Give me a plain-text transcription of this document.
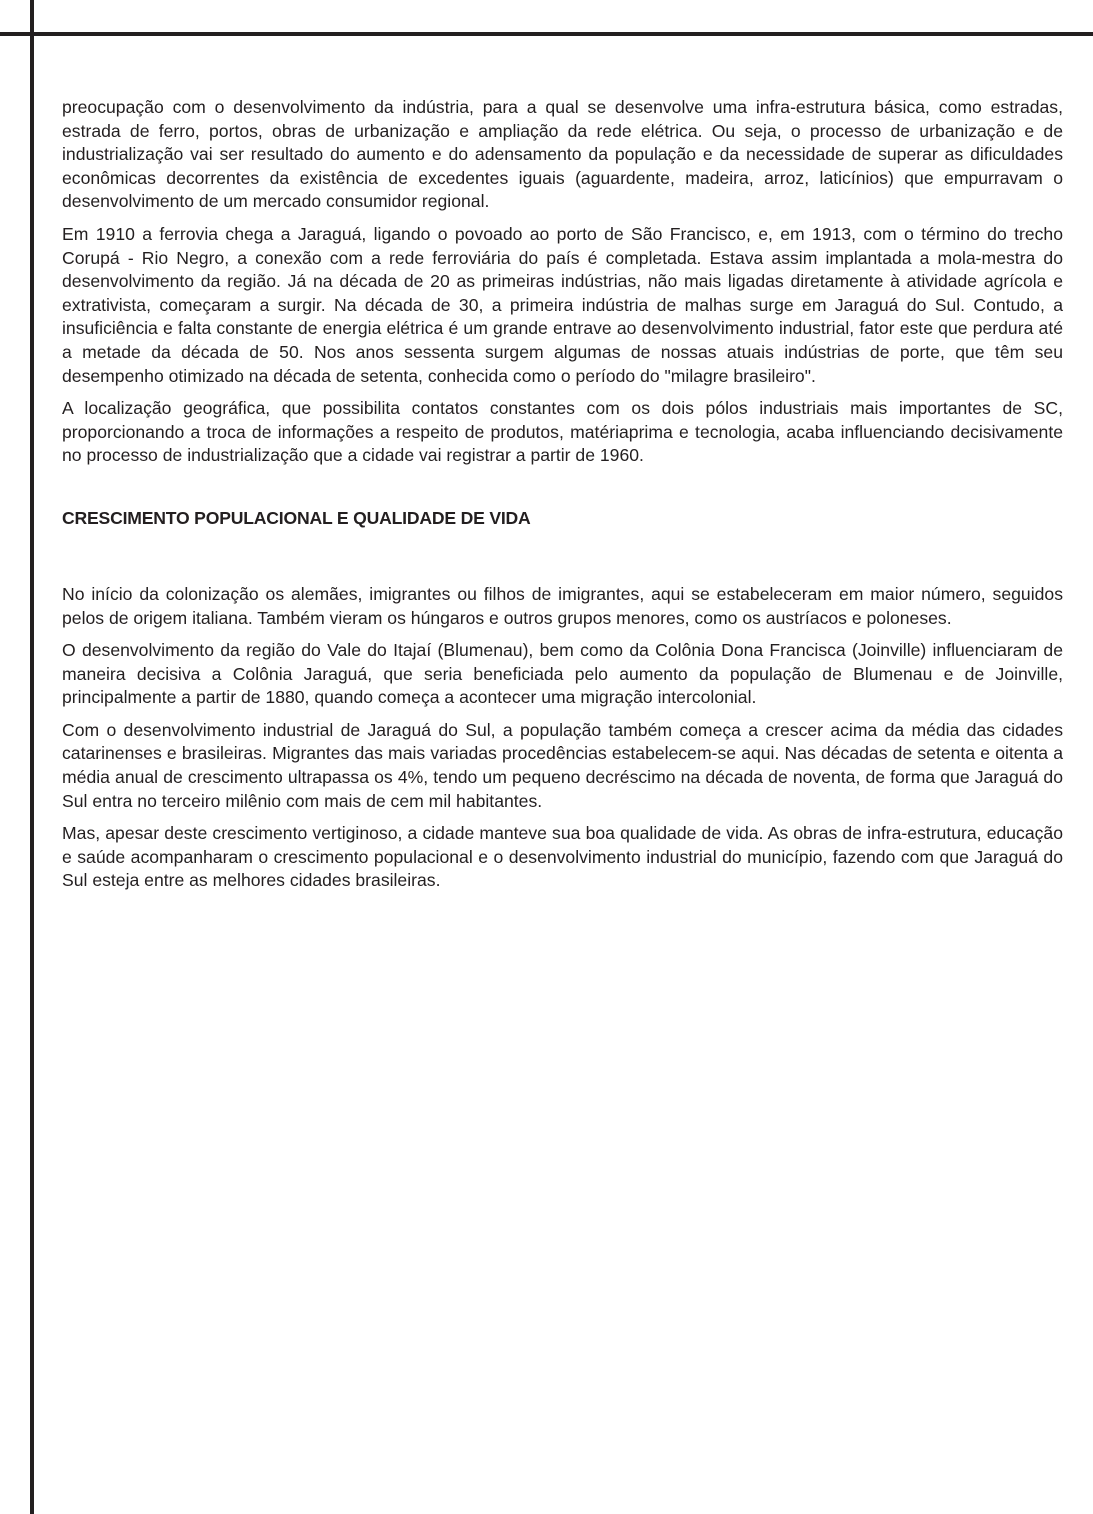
preocupação com o desenvolvimento da indústria, para a qual se desenvolve uma infra-estrutura básica, como estradas, estrada de ferro, portos, obras de urbanização e ampliação da rede elétrica. Ou seja, o processo de urbanização e de industrialização vai ser resultado do aumento e do adensamento da população e da necessidade de superar as dificuldades econômicas decorrentes da existência de excedentes iguais (aguardente, madeira, arroz, laticínios) que empurravam o desenvolvimento de um mercado consumidor regional.

Em 1910 a ferrovia chega a Jaraguá, ligando o povoado ao porto de São Francisco, e, em 1913, com o término do trecho Corupá - Rio Negro, a conexão com a rede ferroviária do país é completada. Estava assim implantada a mola-mestra do desenvolvimento da região. Já na década de 20 as primeiras indústrias, não mais ligadas diretamente à atividade agrícola e extrativista, começaram a surgir. Na década de 30, a primeira indústria de malhas surge em Jaraguá do Sul. Contudo, a insuficiência e falta constante de energia elétrica é um grande entrave ao desenvolvimento industrial, fator este que perdura até a metade da década de 50. Nos anos sessenta surgem algumas de nossas atuais indústrias de porte, que têm seu desempenho otimizado na década de setenta, conhecida como o período do "milagre brasileiro".

A localização geográfica, que possibilita contatos constantes com os dois pólos industriais mais importantes de SC, proporcionando a troca de informações a respeito de produtos, matériaprima e tecnologia, acaba influenciando decisivamente no processo de industrialização que a cidade vai registrar a partir de 1960.

CRESCIMENTO POPULACIONAL E QUALIDADE DE VIDA

No início da colonização os alemães, imigrantes ou filhos de imigrantes, aqui se estabeleceram em maior número, seguidos pelos de origem italiana. Também vieram os húngaros e outros grupos menores, como os austríacos e poloneses.

O desenvolvimento da região do Vale do Itajaí (Blumenau), bem como da Colônia Dona Francisca (Joinville) influenciaram de maneira decisiva a Colônia Jaraguá, que seria beneficiada pelo aumento da população de Blumenau e de Joinville, principalmente a partir de 1880, quando começa a acontecer uma migração intercolonial.

Com o desenvolvimento industrial de Jaraguá do Sul, a população também começa a crescer acima da média das cidades catarinenses e brasileiras. Migrantes das mais variadas procedências estabelecem-se aqui. Nas décadas de setenta e oitenta a média anual de crescimento ultrapassa os 4%, tendo um pequeno decréscimo na década de noventa, de forma que Jaraguá do Sul entra no terceiro milênio com mais de cem mil habitantes.

Mas, apesar deste crescimento vertiginoso, a cidade manteve sua boa qualidade de vida. As obras de infra-estrutura, educação e saúde acompanharam o crescimento populacional e o desenvolvimento industrial do município, fazendo com que Jaraguá do Sul esteja entre as melhores cidades brasileiras.
